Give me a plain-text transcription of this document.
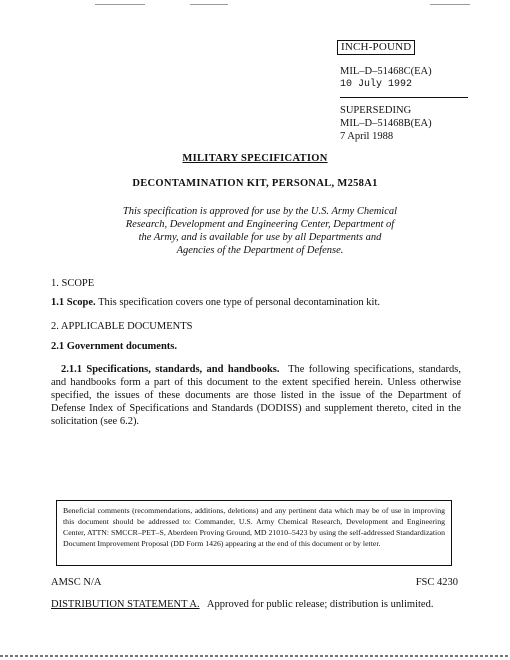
INCH-POUND
MIL–D–51468C(EA)
10 July 1992
SUPERSEDING
MIL–D–51468B(EA)
7 April 1988
MILITARY SPECIFICATION
DECONTAMINATION KIT, PERSONAL, M258A1
This specification is approved for use by the U.S. Army Chemical Research, Development and Engineering Center, Department of the Army, and is available for use by all Departments and Agencies of the Department of Defense.
1. SCOPE
1.1 Scope. This specification covers one type of personal decontamination kit.
2. APPLICABLE DOCUMENTS
2.1 Government documents.
2.1.1 Specifications, standards, and handbooks. The following specifications, standards, and handbooks form a part of this document to the extent specified herein. Unless otherwise specified, the issues of these documents are those listed in the issue of the Department of Defense Index of Specifications and Standards (DODISS) and supplement thereto, cited in the solicitation (see 6.2).
Beneficial comments (recommendations, additions, deletions) and any pertinent data which may be of use in improving this document should be addressed to: Commander, U.S. Army Chemical Research, Development and Engineering Center, ATTN: SMCCR–PET–S, Aberdeen Proving Ground, MD 21010–5423 by using the self-addressed Standardization Document Improvement Proposal (DD Form 1426) appearing at the end of this document or by letter.
AMSC N/A	FSC 4230
DISTRIBUTION STATEMENT A. Approved for public release; distribution is unlimited.
